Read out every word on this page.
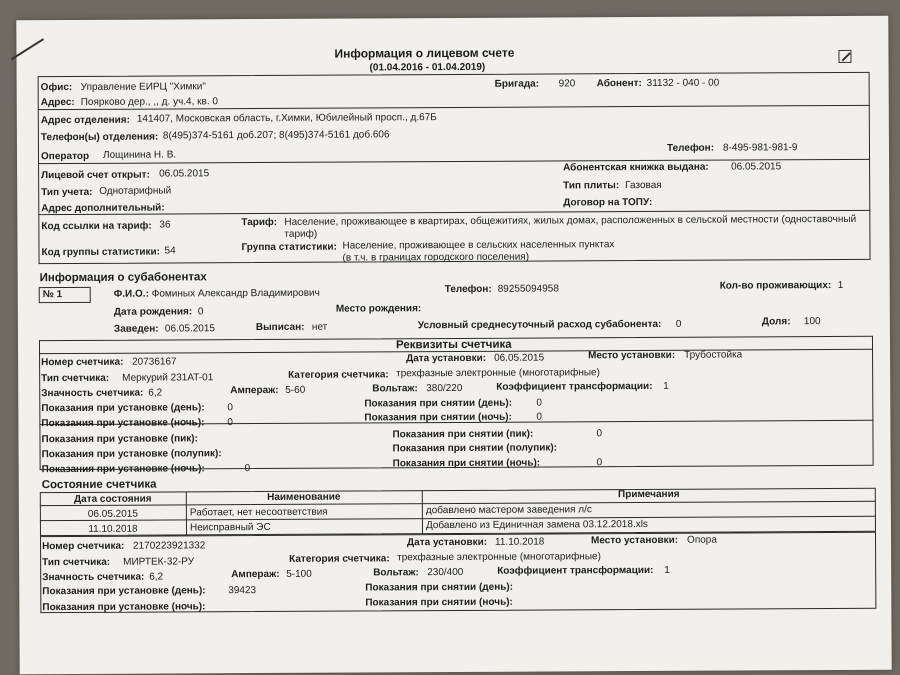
Информация о лицевом счете
(01.04.2016 - 01.04.2019)
Офис: Управление ЕИРЦ "Химки"	Бригада: 920 Абонент: 31132 - 040 - 00
Адрес: Поярково дер., ,, д. уч.4, кв. 0
Адрес отделения: 141407, Московская область, г.Химки, Юбилейный просп., д.67Б
Телефон(ы) отделения: 8(495)374-5161 доб.207; 8(495)374-5161 доб.606
Оператор Лощинина Н. В.
Телефон: 8-495-981-981-9
Лицевой счет открыт: 06.05.2015
Абонентская книжка выдана: 06.05.2015
Тип учета: Однотарифный	Тип плиты: Газовая
Адрес дополнительный:	Договор на ТОПУ:
Код ссылки на тариф: 36	Тариф: Население, проживающее в квартирах, общежитиях, жилых домах, расположенных в сельской местности (одноставочный
тариф)
Код группы статистики: 54	Группа статистики: Население, проживающее в сельских населенных пунктах
(в т.ч. в границах городского поселения)
Информация о субабонентах
№ 1	Ф.И.О.: Фоминых Александр Владимирович	Телефон: 89255094958	Кол-во проживающих: 1
Дата рождения: 0	Место рождения:
Заведен: 06.05.2015	Выписан: нет	Условный среднесуточный расход субабонента: 0	Доля: 100
Реквизиты счетчика
Номер счетчика: 20736167	Дата установки: 06.05.2015	Место установки: Трубостойка
Тип счетчика: Меркурий 231AT-01	Категория счетчика: трехфазные электронные (многотарифные)
Значность счетчика: 6,2	Ампераж: 5-60	Вольтаж: 380/220	Коэффициент трансформации: 1
Показания при установке (день): 0	Показания при снятии (день): 0
Показания при установке (ночь): 0	Показания при снятии (ночь): 0
Показания при установке (пик):	Показания при снятии (пик):	0
Показания при установке (полупик):	Показания при снятии (полупик):
Показания при установке (ночь):	0	Показания при снятии (ночь):	0
Состояние счетчика
Дата состояния	Наименование	Примечания
06.05.2015	Работает, нет несоответствия	добавлено мастером заведения л/с
11.10.2018	Неисправный ЭС	Добавлено из Единичная замена 03.12.2018.xls
Номер счетчика: 2170223921332	Дата установки: 11.10.2018	Место установки: Опора
Тип счетчика: МИРТЕК-32-РУ	Категория счетчика: трехфазные электронные (многотарифные)
Значность счетчика: 6,2	Ампераж: 5-100	Вольтаж: 230/400	Коэффициент трансформации: 1
Показания при установке (день): 39423	Показания при снятии (день):
Показания при установке (ночь):	Показания при снятии (ночь):
